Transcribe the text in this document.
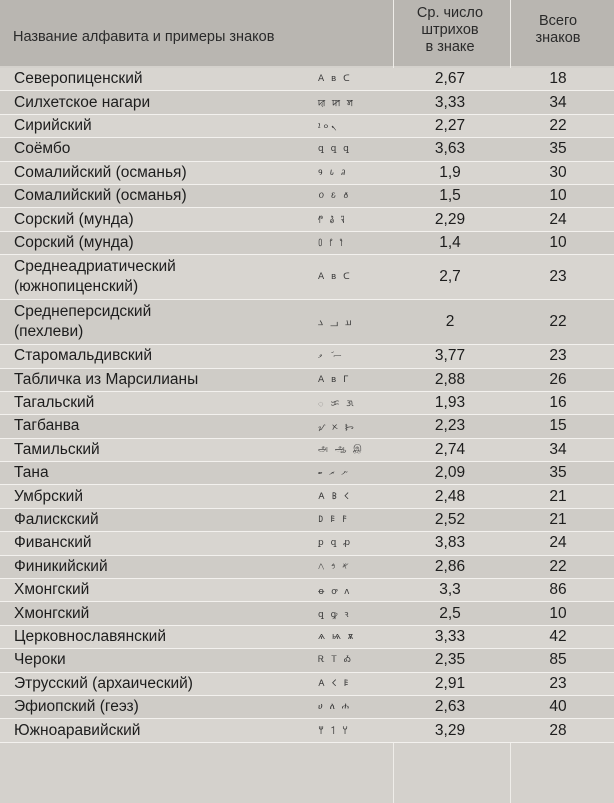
Название алфавита и примеры знаков
Ср. число
штрихов
в знаке
Всего
знаков
Северопиценский	ꓮ ʙ ᑕ	2,67	18
Силхетское нагари	ꠢ ꠇ ꠝ	3,33	34
Сирийский	ܢ ܘ ܐ	2,27	22
Соёмбо	ꝗ ꝗ ꝗ	3,63	35
Сомалийский (османья)	𐒘 𐒗 𐒚	1,9	30
Сомалийский (османья)	𐒠 𐒢 𐒤	1,5	10
Сорский (мунда)	𑃐 𑃑 𑃒	2,29	24
Сорский (мунда)	𑃰 𑃱 𑃲	1,4	10
Среднеадриатический
(южнопиценский)
ꓮ ʙ ᑕ	2,7	23
Среднеперсидский
(пехлеви)
𐭠 𐭡 𐭢	2	22
Старомальдивский	ސ ަ ވ	3,77	23
Табличка из Марсилианы	ꓮ ʙ Γ	2,88	26
Тагальский	ᜀ ᜃ ᜄ	1,93	16
Тагбанва	ᝠ ᝣ ᝦ	2,23	15
Тамильский	அ ஆ இ	2,74	34
Тана	ނ ރ ބ	2,09	35
Умбрский	𐌀 𐌁 𐌂	2,48	21
Фалискский	𐌃 𐌄 𐌅	2,52	21
Фиванский	ꝑ ꝗ ꝓ	3,83	24
Финикийский	𐤀 𐤁 𐤂	2,86	22
Хмонгский	ꝋ ꝍ ᴧ	3,3	86
Хмонгский	ꝗ ꝙ ꝛ	2,5	10
Церковнославянский	ѧ ѩ ѫ	3,33	42
Чероки	Ꭱ Ꭲ Ꭳ	2,35	85
Этрусский (архаический)	𐌀 𐌂 𐌄	2,91	23
Эфиопский (геэз)	ሀ ለ ሐ	2,63	40
Южноаравийский	𐩠 𐩡 𐩢	3,29	28
